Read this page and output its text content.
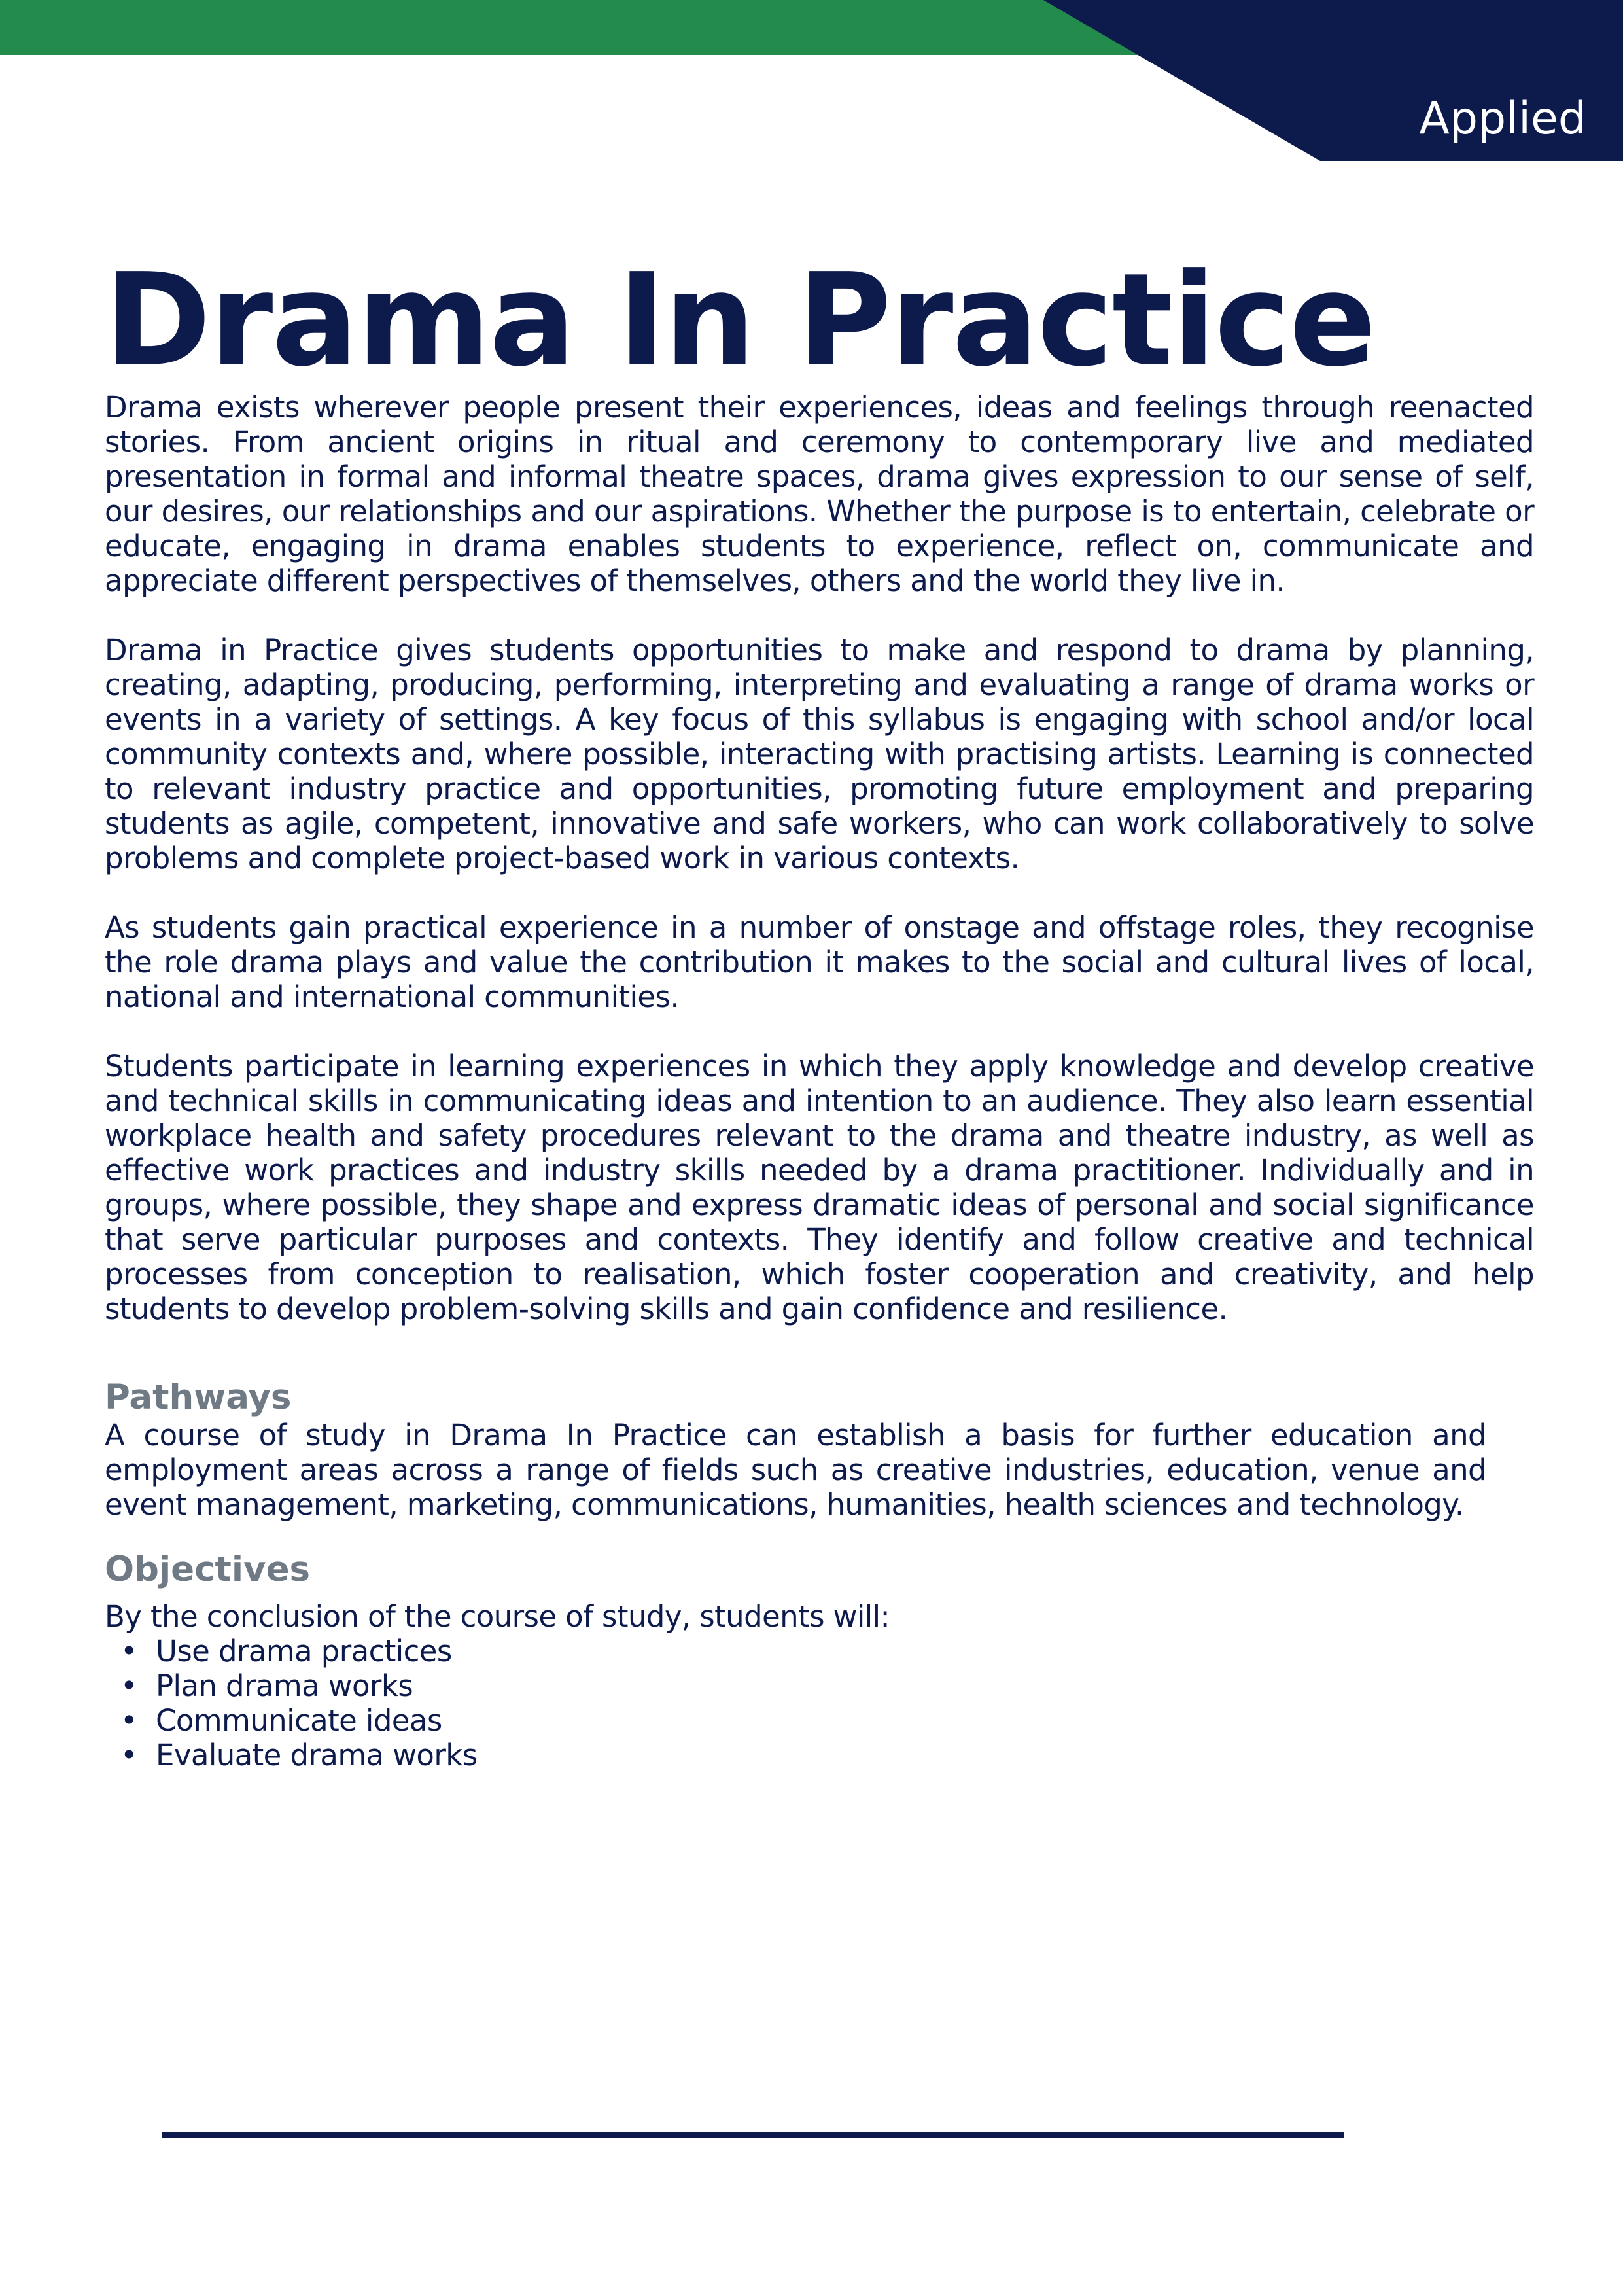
Applied
Drama In Practice

Drama exists wherever people present their experiences, ideas and feelings through reenacted stories. From ancient origins in ritual and ceremony to contemporary live and mediated presentation in formal and informal theatre spaces, drama gives expression to our sense of self, our desires, our relationships and our aspirations. Whether the purpose is to entertain, celebrate or educate, engaging in drama enables students to experience, reflect on, communicate and appreciate different perspectives of themselves, others and the world they live in.

Drama in Practice gives students opportunities to make and respond to drama by planning, creating, adapting, producing, performing, interpreting and evaluating a range of drama works or events in a variety of settings. A key focus of this syllabus is engaging with school and/or local community contexts and, where possible, interacting with practising artists. Learning is connected to relevant industry practice and opportunities, promoting future employment and preparing students as agile, competent, innovative and safe workers, who can work collaboratively to solve problems and complete project-based work in various contexts.

As students gain practical experience in a number of onstage and offstage roles, they recognise the role drama plays and value the contribution it makes to the social and cultural lives of local, national and international communities.

Students participate in learning experiences in which they apply knowledge and develop creative and technical skills in communicating ideas and intention to an audience. They also learn essential workplace health and safety procedures relevant to the drama and theatre industry, as well as effective work practices and industry skills needed by a drama practitioner. Individually and in groups, where possible, they shape and express dramatic ideas of personal and social significance that serve particular purposes and contexts. They identify and follow creative and technical processes from conception to realisation, which foster cooperation and creativity, and help students to develop problem-solving skills and gain confidence and resilience.

Pathways

A course of study in Drama In Practice can establish a basis for further education and employment areas across a range of fields such as creative industries, education, venue and event management, marketing, communications, humanities, health sciences and technology.

Objectives

By the conclusion of the course of study, students will:

• Use drama practices
• Plan drama works
• Communicate ideas
• Evaluate drama works
